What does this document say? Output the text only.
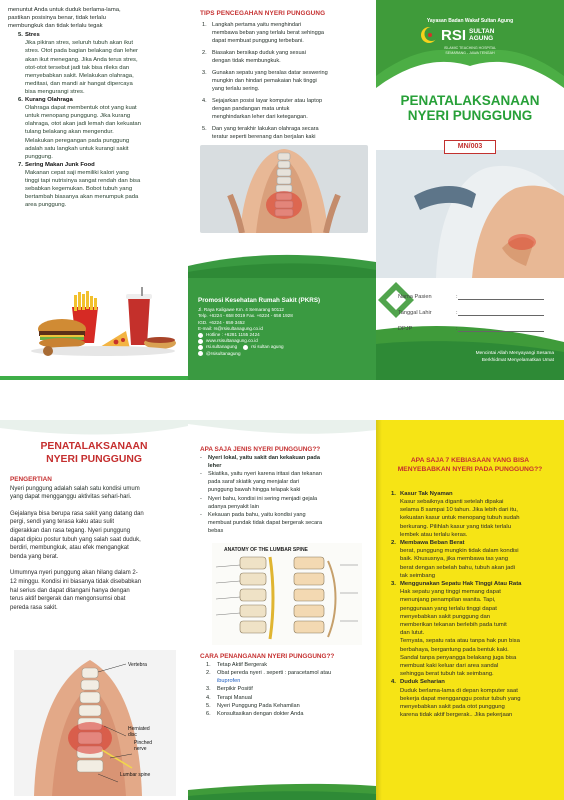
menuntut Anda untuk duduk berlama-lama,
pastikan posisinya benar, tidak terlalu
membungkuk dan tidak terlalu tegak
5. Stres
Jika pikiran stres, seluruh tubuh akan ikut
stres. Otot pada bagian belakang dan leher
akan ikut menegang. Jika Anda terus stres,
otot-otot tersebut jadi tak bisa rileks dan
menyebabkan sakit. Melakukan olahraga,
meditasi, dan mandi air hangat dipercaya
bisa mengurangi stres.
6. Kurang Olahraga
Olahraga dapat membentuk otot yang kuat
untuk menopang punggung. Jika kurang
olahraga, otot akan jadi lemah dan kekuatan
tulang belakang akan mengendur.
Melakukan peregangan pada punggung
adalah satu langkah untuk kurangi sakit
punggung.
7. Sering Makan Junk Food
Makanan cepat saji memiliki kalori yang
tinggi tapi nutrisinya sangat rendah dan bisa
sebabkan kegemukan. Bobot tubuh yang
bertambah biasanya akan menumpuk pada
area punggung.
TIPS PENCEGAHAN NYERI PUNGGUNG
1. Langkah pertama yaitu menghindari
membawa beban yang terlalu berat sehingga
dapat membuat punggung terbebani.
2. Biasakan bersikap duduk yang sesuai
dengan tidak membungkuk.
3. Gunakan sepatu yang beralas datar seswering
mungkin dan hindari pemakaian hak tinggi
yang terlalu sering.
4. Sejajarkan posisi layar komputer atau laptop
dengan pandangan mata untuk
menghindarkan leher dari ketegangan.
5. Dan yang terakhir lakukan olahraga secara
teratur seperti berenang dan berjalan kaki
Promosi Kesehatan Rumah Sakit (PKRS)
Jl. Raya Kaligawe Km. 4 Semarang 50112
Telp. +6224 - 658 0019 Fax. +6224 - 658 1928
IGD. +6224 - 659 3452
E-mail: rs@rsisultanagung.co.id
Hotline : +6281 1155 2424
www.rsisultanagung.co.id
rsi.sultanagung	rsi sultan agung
@rsisultanagung
Yayasan Badan Wakaf Sultan Agung
RSI SULTAN
AGUNG
ISLAMIC TEACHING HOSPITAL
SEMARANG - JAWA TENGAH
PENATALAKSANAAN
NYERI PUNGGUNG
MN/003
Nama Pasien	:
Tanggal Lahir	:
DPJP	:
Mencintai Allah Menyayangi Sesama
Berkhidmat Menyelamatkan Umat
PENATALAKSANAAN
NYERI PUNGGUNG
PENGERTIAN
Nyeri punggung adalah salah satu kondisi umum
yang dapat mengganggu aktivitas sehari-hari.
Gejalanya bisa berupa rasa sakit yang datang dan
pergi, sendi yang terasa kaku atau sulit
digerakkan dan rasa tegang. Nyeri punggung
dapat dipicu postur tubuh yang salah saat duduk,
berdiri, membungkuk, atau efek mengangkat
benda yang berat.
Umumnya nyeri punggung akan hilang dalam 2-
12 minggu. Kondisi ini biasanya tidak disebabkan
hal serius dan dapat ditangani hanya dengan
terus aktif bergerak dan mengonsumsi obat
pereda rasa sakit.
Vertebra
Herniated
disc
Pinched
nerve
Lumbar spine
APA SAJA JENIS NYERI PUNGGUNG??
-	Nyeri lokal, yaitu sakit dan kekakuan pada
leher
-	Skiatika, yaitu nyeri karena iritasi dan tekanan
pada saraf skiatik yang menjalar dari
punggung bawah hingga telapak kaki
-	Nyeri bahu, kondisi ini sering menjadi gejala
adanya penyakit lain
-	Kekauan pada bahu, yaitu kondisi yang
membuat pundak tidak dapat bergerak secara
bebas
ANATOMY OF THE LUMBAR SPINE
CARA PENANGANAN NYERI PUNGGUNG??
1.	Tetap Aktif Bergerak
2.	Obat pereda nyeri . seperti : paracetamol atau
ibuprofen
3.	Berpikir Positif
4.	Terapi Manual
5.	Nyeri Punggung Pada Kehamilan
6.	Konsultasikan dengan dokter Anda
APA SAJA 7 KEBIASAAN YANG BISA
MENYEBABKAN NYERI PADA PUNGGUNG??
1. Kasur Tak Nyaman
Kasur sebaiknya diganti setelah dipakai
selama 8 sampai 10 tahun. Jika lebih dari itu,
kekuatan kasur untuk menopang tubuh sudah
berkurang. Pilihlah kasur yang tidak terlalu
lembek atau terlalu keras.
2. Membawa Beban Berat
berat, punggung mungkin tidak dalam kondisi
baik. Khususnya, jika membawa tas yang
berat dengan sebelah bahu, tubuh akan jadi
tak seimbang
3. Menggunakan Sepatu Hak Tinggi Atau Rata
Hak sepatu yang tinggi memang dapat
menunjang penampilan wanita. Tapi,
penggunaan yang terlalu tinggi dapat
menyebabkan sakit punggung dan
memberikan tekanan berlebih pada tumit
dan lutut.
Ternyata, sepatu rata atau tanpa hak pun bisa
berbahaya, bergantung pada bentuk kaki.
Sandal tanpa penyangga belakang juga bisa
membuat kaki keluar dari area sandal
sehingga berat tubuh tak seimbang.
4. Duduk Seharian
Duduk berlama-lama di depan komputer saat
bekerja dapat mengganggu postur tubuh yang
menyebabkan sakit pada otot punggung
karena tidak aktif bergerak.. Jika pekerjaan
